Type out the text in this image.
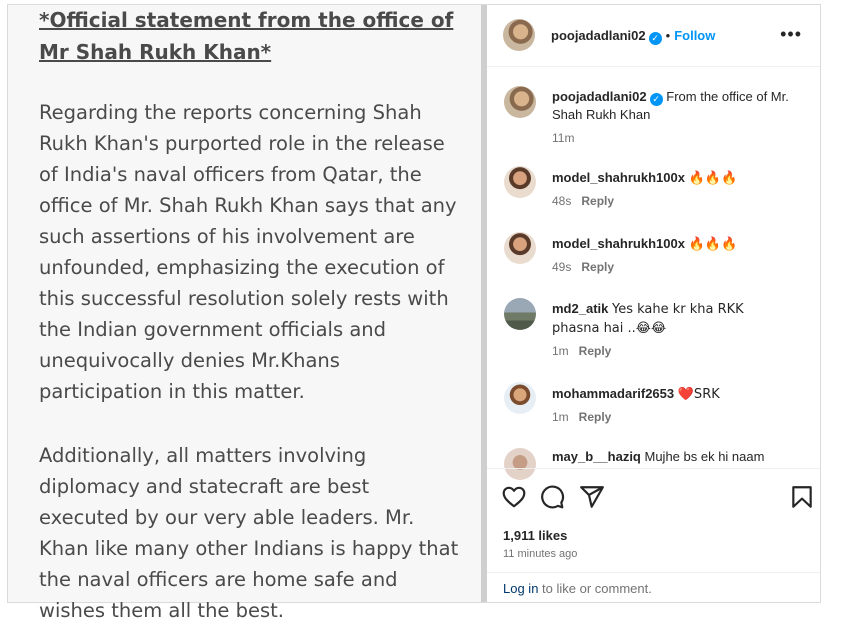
*Official statement from the office of Mr Shah Rukh Khan*

Regarding the reports concerning Shah Rukh Khan's purported role in the release of India's naval officers from Qatar, the office of Mr. Shah Rukh Khan says that any such assertions of his involvement are unfounded, emphasizing the execution of this successful resolution solely rests with the Indian government officials and unequivocally denies Mr.Khans participation in this matter.

Additionally, all matters involving diplomacy and statecraft are best executed by our very able leaders. Mr. Khan like many other Indians is happy that the naval officers are home safe and wishes them all the best.

poojadadlani02 ✓ • Follow	•••
poojadadlani02 ✓ From the office of Mr. Shah Rukh Khan
11m
model_shahrukh100x 🔥🔥🔥
48s Reply
model_shahrukh100x 🔥🔥🔥
49s Reply
md2_atik Yes kahe kr kha RKK phasna hai ..😂😂
1m Reply
mohammadarif2653 ❤️SRK
1m Reply
may_b__haziq Mujhe bs ek hi naam
1,911 likes
11 minutes ago
Log in to like or comment.
